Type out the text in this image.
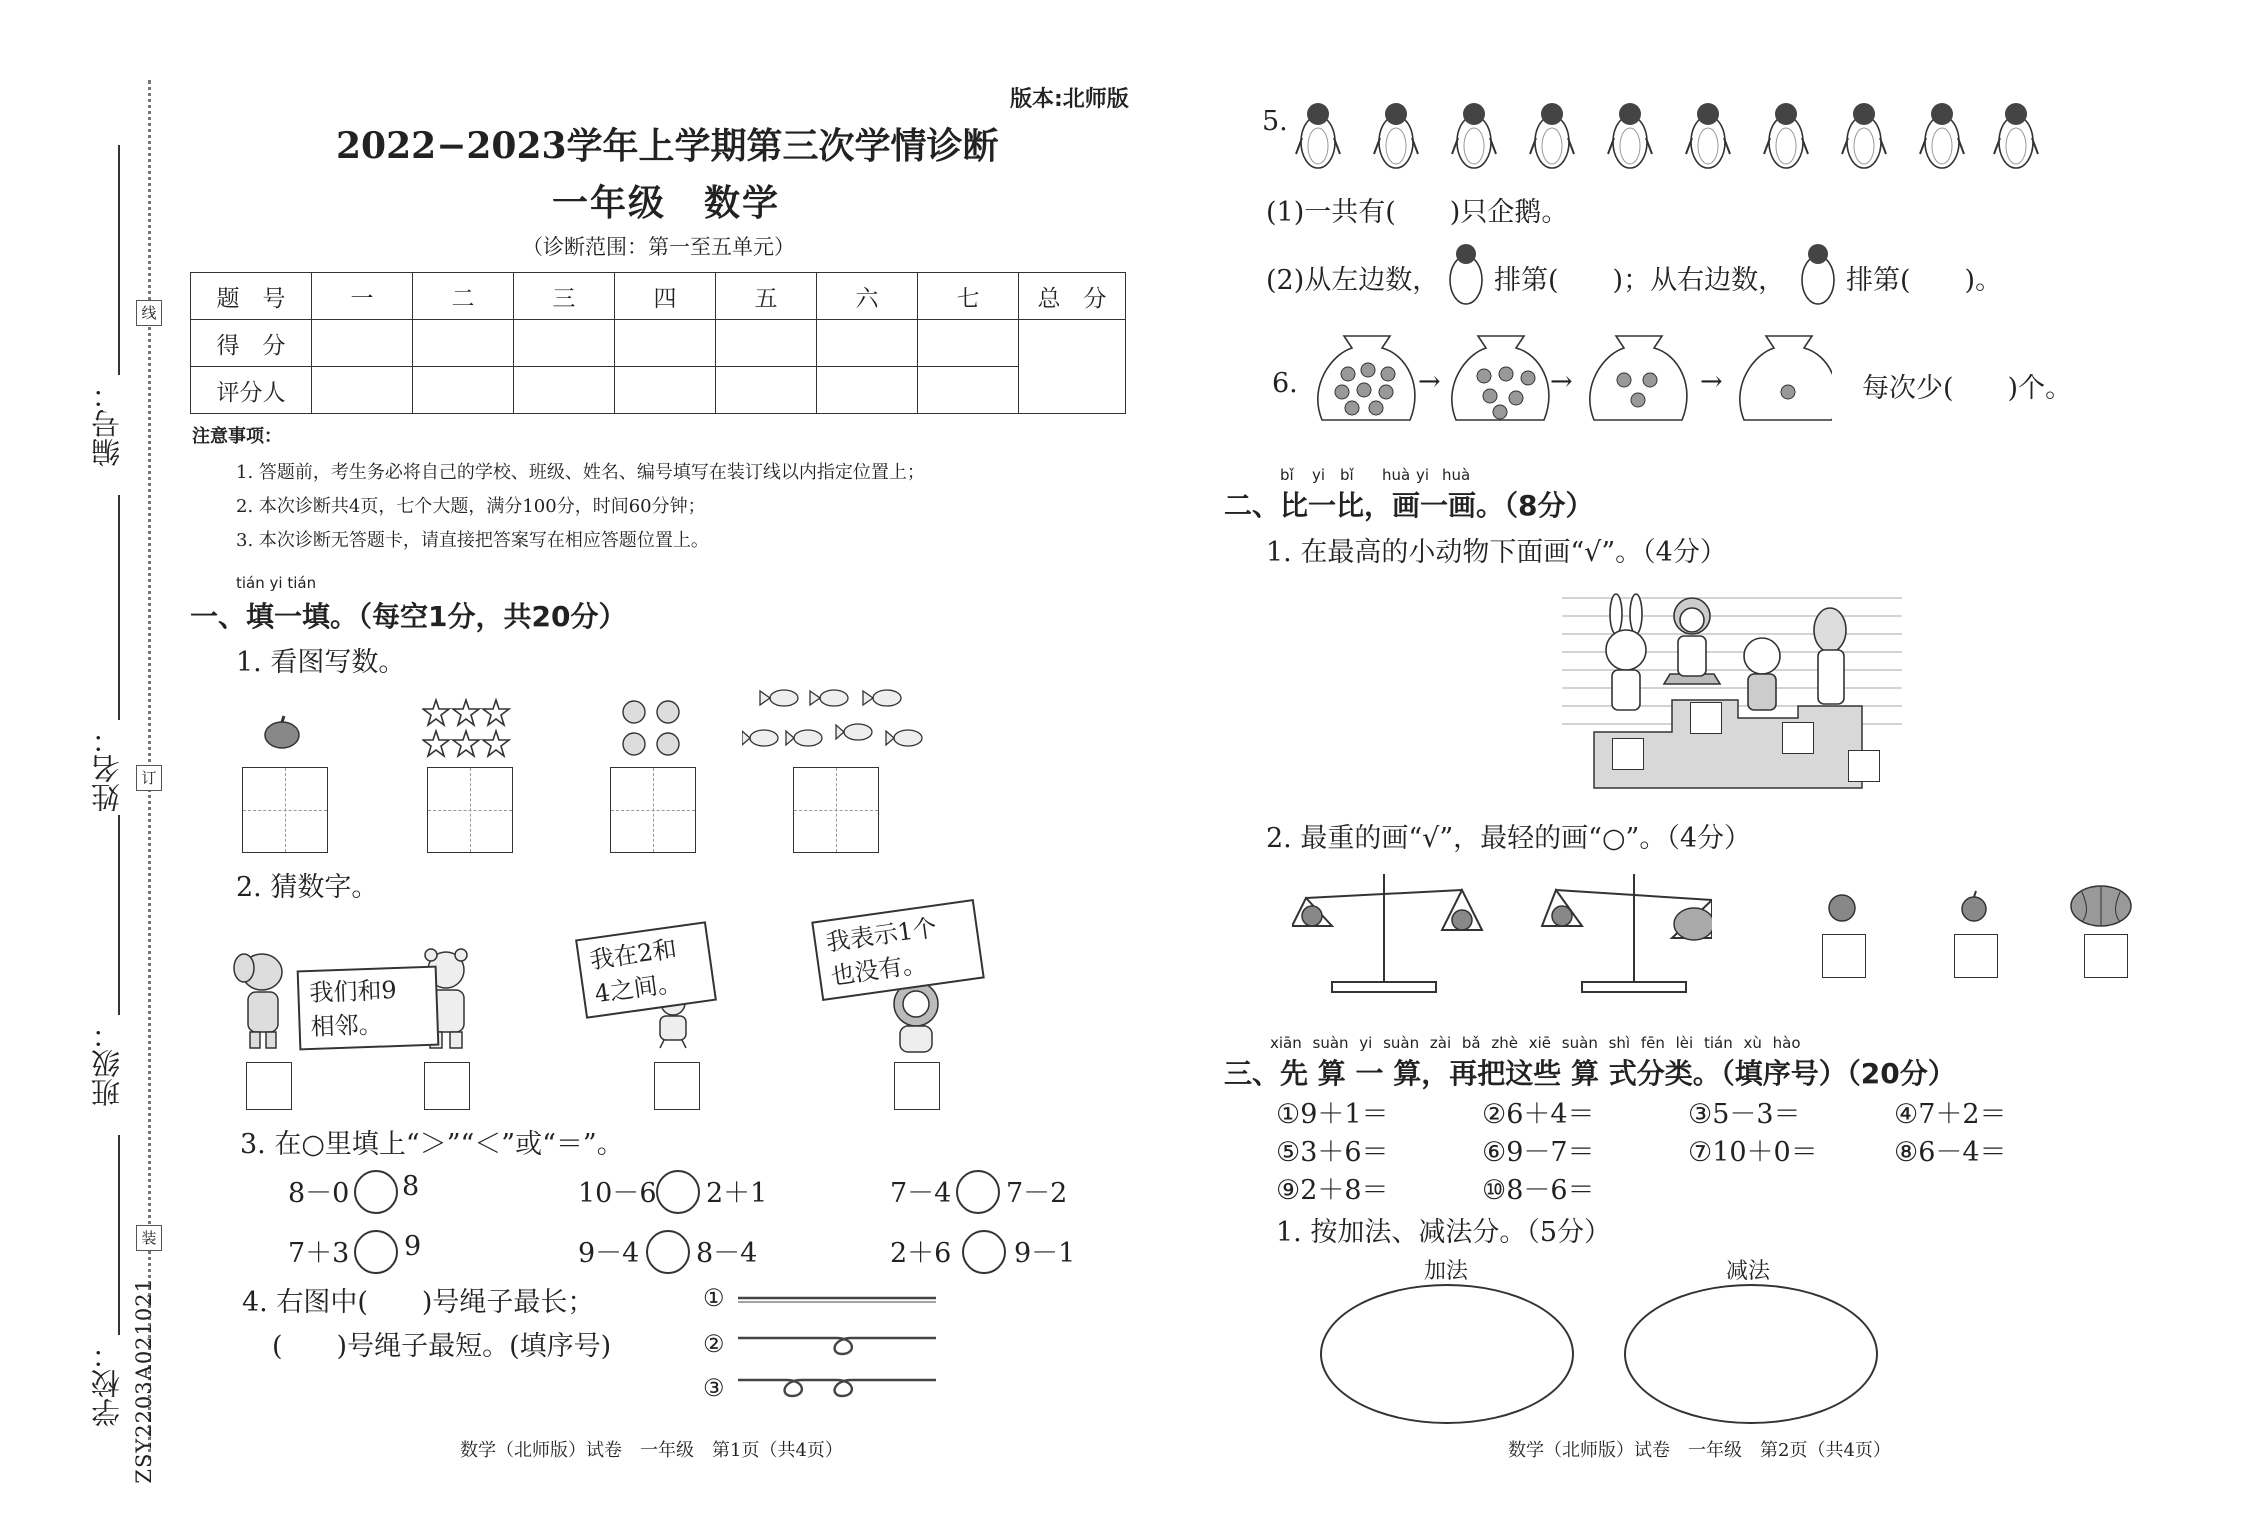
线
订
装
编号：
姓名：
班级：
学校： ZSY2203A021021
版本:北师版
2022−2023学年上学期第三次学情诊断
一年级　数学
（诊断范围：第一至五单元）
题　号	一	二	三	四	五	六	七	总　分
得　分								
评分人								
注意事项：
1. 答题前，考生务必将自己的学校、班级、姓名、编号填写在装订线以内指定位置上；
2. 本次诊断共4页，七个大题，满分100分，时间60分钟；
3. 本次诊断无答题卡，请直接把答案写在相应答题位置上。
tián yi tián
一、填一填。（每空1分，共20分）
1. 看图写数。
2. 猜数字。
我们和9 相邻。
我在2和 4之间。
我表示1个 也没有。
3. 在○里填上“＞”“＜”或“＝”。
8－0 8	10－6 2＋1	7－4 7－2
7＋3 9	9－4 8－4	2＋6 9－1
4. 右图中(　　)号绳子最长；
(　　)号绳子最短。(填序号)
①
②
③
数学（北师版）试卷　一年级　第1页（共4页）
5.
(1)一共有(　　)只企鹅。
(2)从左边数， 排第(　　)；从右边数， 排第(　　)。
6.	→	→	→	每次少(　　)个。
bǐ yi bǐ huà yi huà
二、比一比，画一画。（8分）
1. 在最高的小动物下面画“√”。（4分）
2. 最重的画“√”，最轻的画“○”。（4分）
xiān suàn yi suàn zài bǎ zhè xiē suàn shì fēn lèi tián xù hào
三、先 算 一 算，再把这些 算 式分类。（填序号）（20分）
①9＋1＝	②6＋4＝	③5－3＝	④7＋2＝
⑤3＋6＝	⑥9－7＝	⑦10＋0＝	⑧6－4＝
⑨2＋8＝	⑩8－6＝
1. 按加法、减法分。（5分）
加法	减法
数学（北师版）试卷　一年级　第2页（共4页）
